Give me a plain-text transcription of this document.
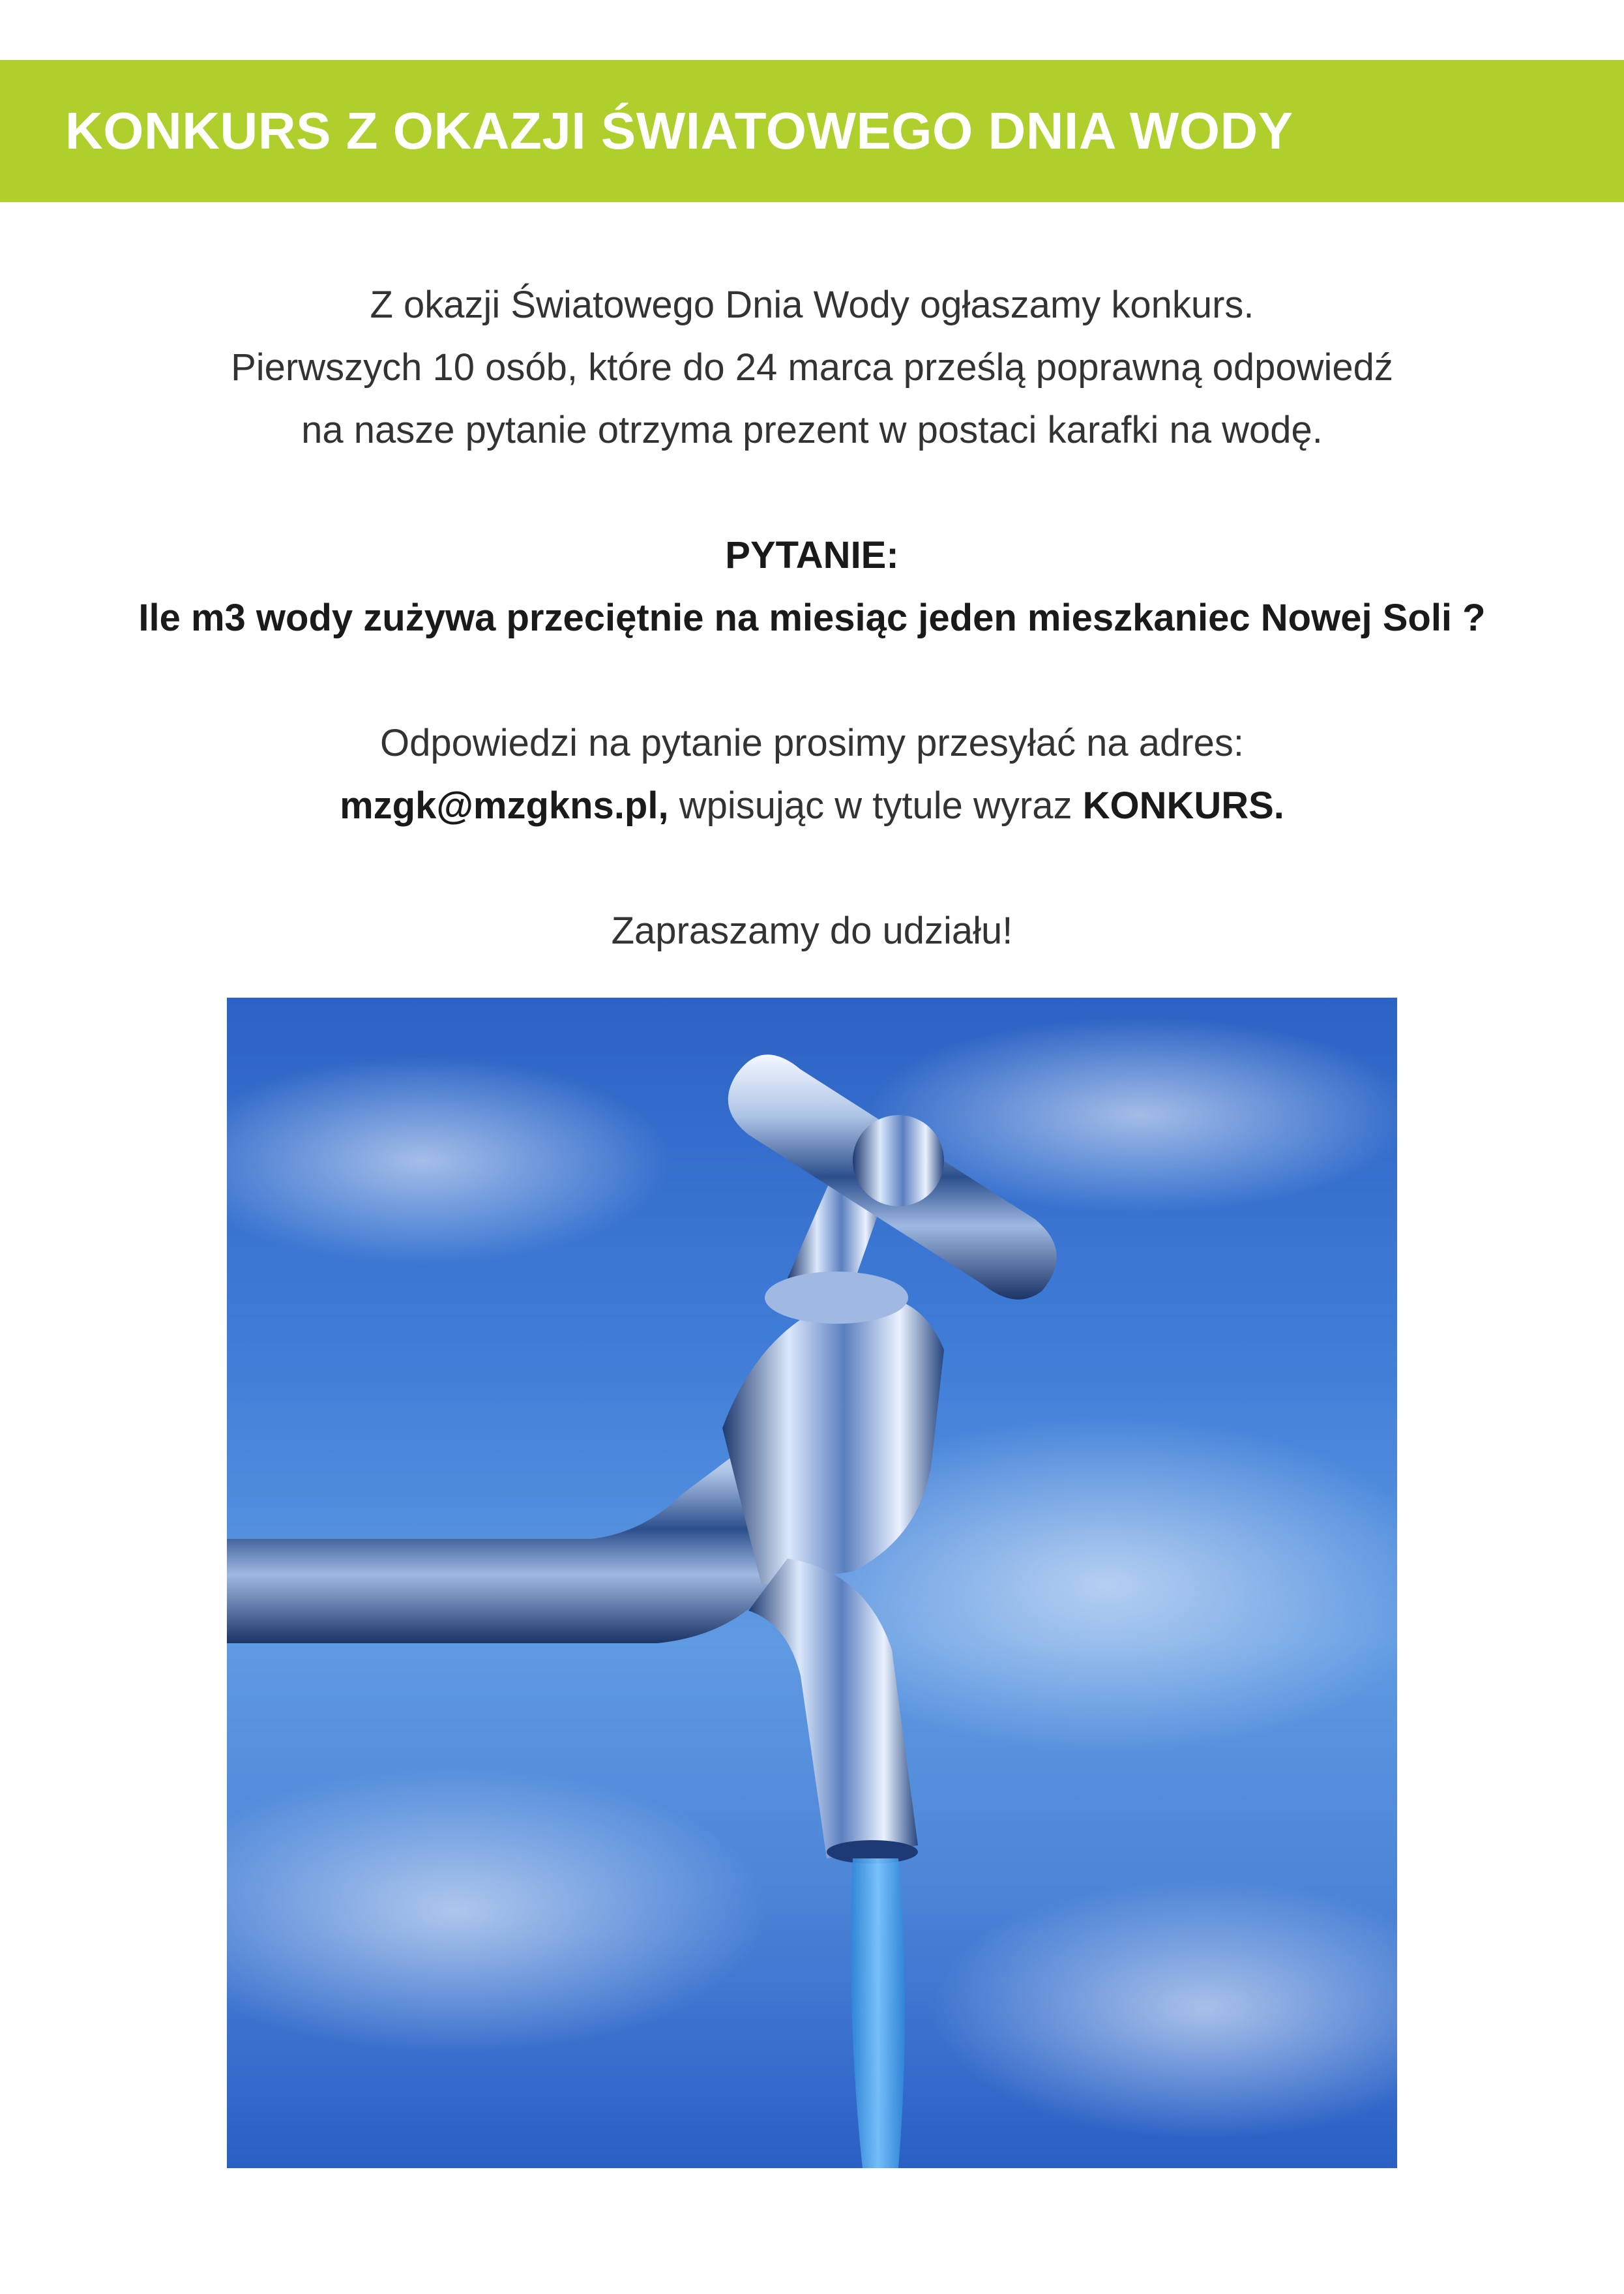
KONKURS Z OKAZJI ŚWIATOWEGO DNIA WODY
Z okazji Światowego Dnia Wody ogłaszamy konkurs.
Pierwszych 10 osób, które do 24 marca prześlą poprawną odpowiedź
na nasze pytanie otrzyma prezent w postaci karafki na wodę.
PYTANIE:
Ile m3 wody zużywa przeciętnie na miesiąc jeden mieszkaniec Nowej Soli ?
Odpowiedzi na pytanie prosimy przesyłać na adres:
mzgk@mzgkns.pl, wpisując w tytule wyraz KONKURS.
Zapraszamy do udziału!
